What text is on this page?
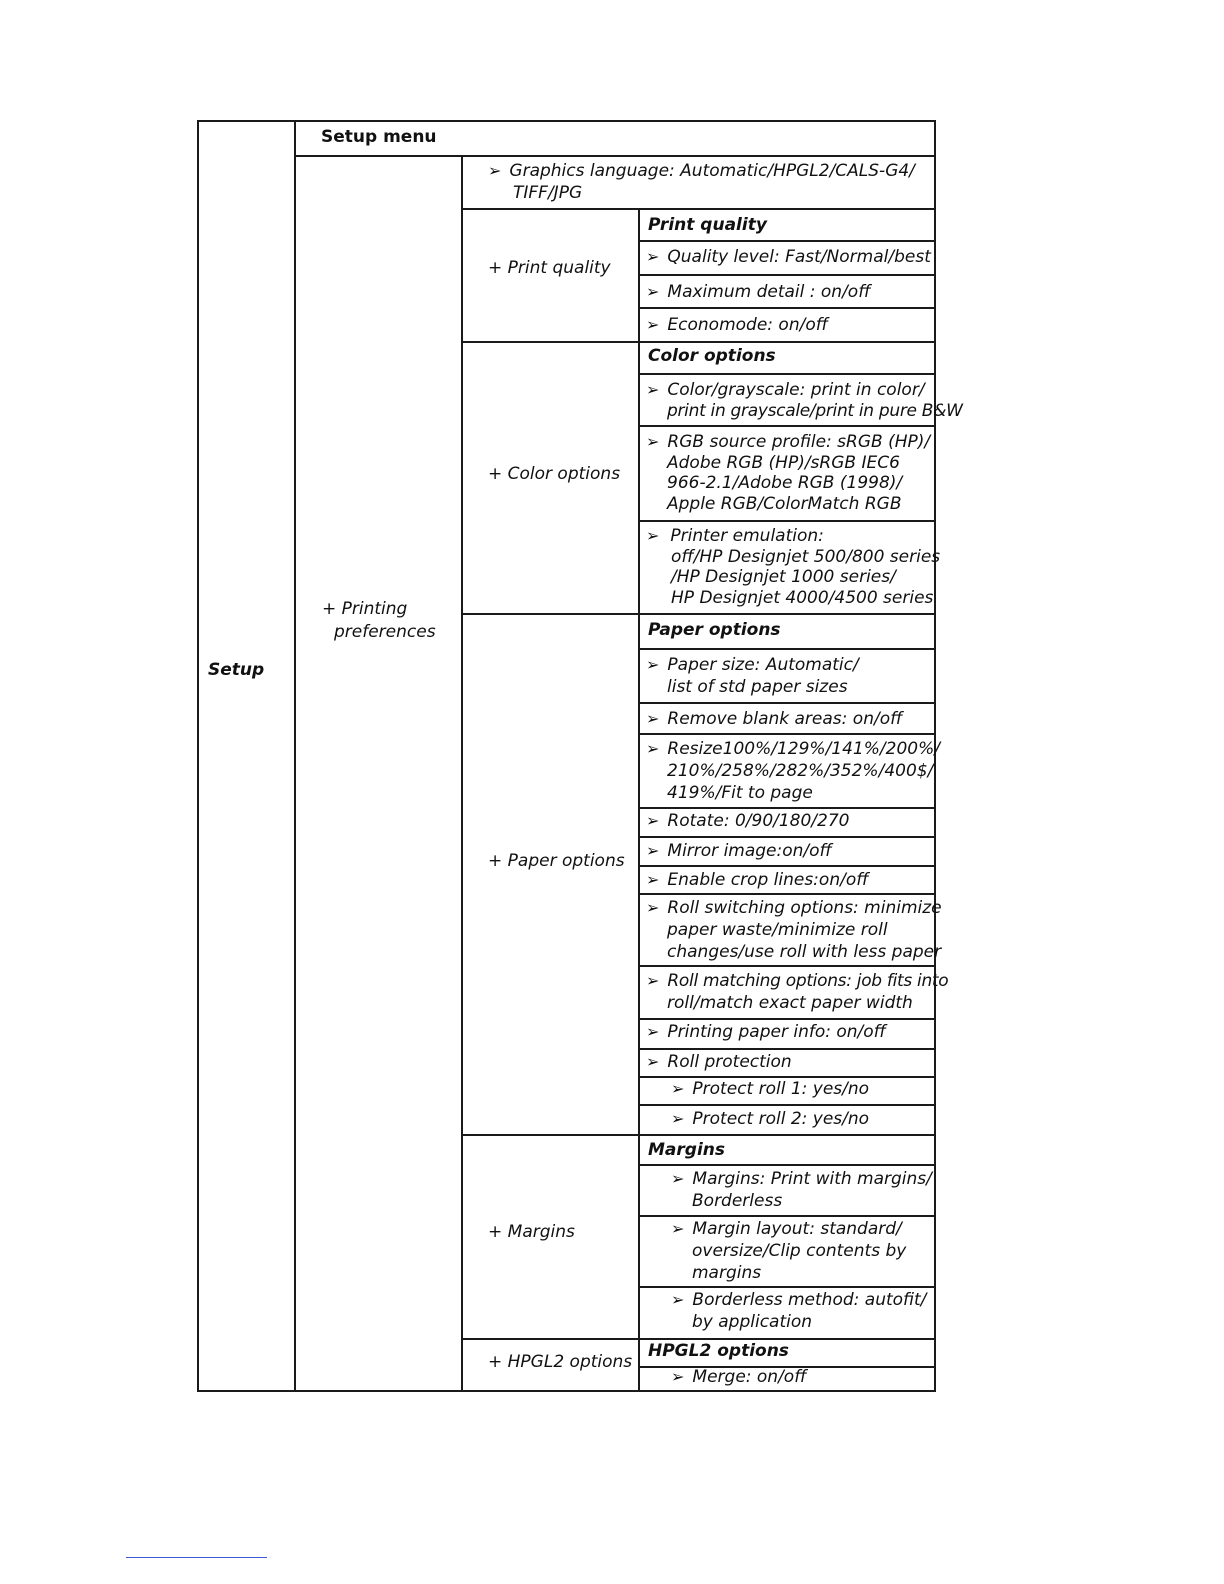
Setup
Setup menu
+ Printing
preferences
➢ Graphics language: Automatic/HPGL2/CALS-G4/
TIFF/JPG
+ Print quality
+ Color options
+ Paper options
+ Margins
+ HPGL2 options
Print quality
Color options
Paper options
Margins
HPGL2 options
➢ Quality level: Fast/Normal/best
➢ Maximum detail : on/off
➢ Economode: on/off
➢ Color/grayscale: print in color/
print in grayscale/print in pure B&W
➢ RGB source profile: sRGB (HP)/
Adobe RGB (HP)/sRGB IEC6
966-2.1/Adobe RGB (1998)/
Apple RGB/ColorMatch RGB
➢ Printer emulation:
off/HP Designjet 500/800 series
/HP Designjet 1000 series/
HP Designjet 4000/4500 series
➢ Paper size: Automatic/
list of std paper sizes
➢ Remove blank areas: on/off
➢ Resize100%/129%/141%/200%/
210%/258%/282%/352%/400$/
419%/Fit to page
➢ Rotate: 0/90/180/270
➢ Mirror image:on/off
➢ Enable crop lines:on/off
➢ Roll switching options: minimize
paper waste/minimize roll
changes/use roll with less paper
➢ Roll matching options: job fits into
roll/match exact paper width
➢ Printing paper info: on/off
➢ Roll protection
➢ Protect roll 1: yes/no
➢ Protect roll 2: yes/no
➢ Margins: Print with margins/
Borderless
➢ Margin layout: standard/
oversize/Clip contents by
margins
➢ Borderless method: autofit/
by application
➢ Merge: on/off
